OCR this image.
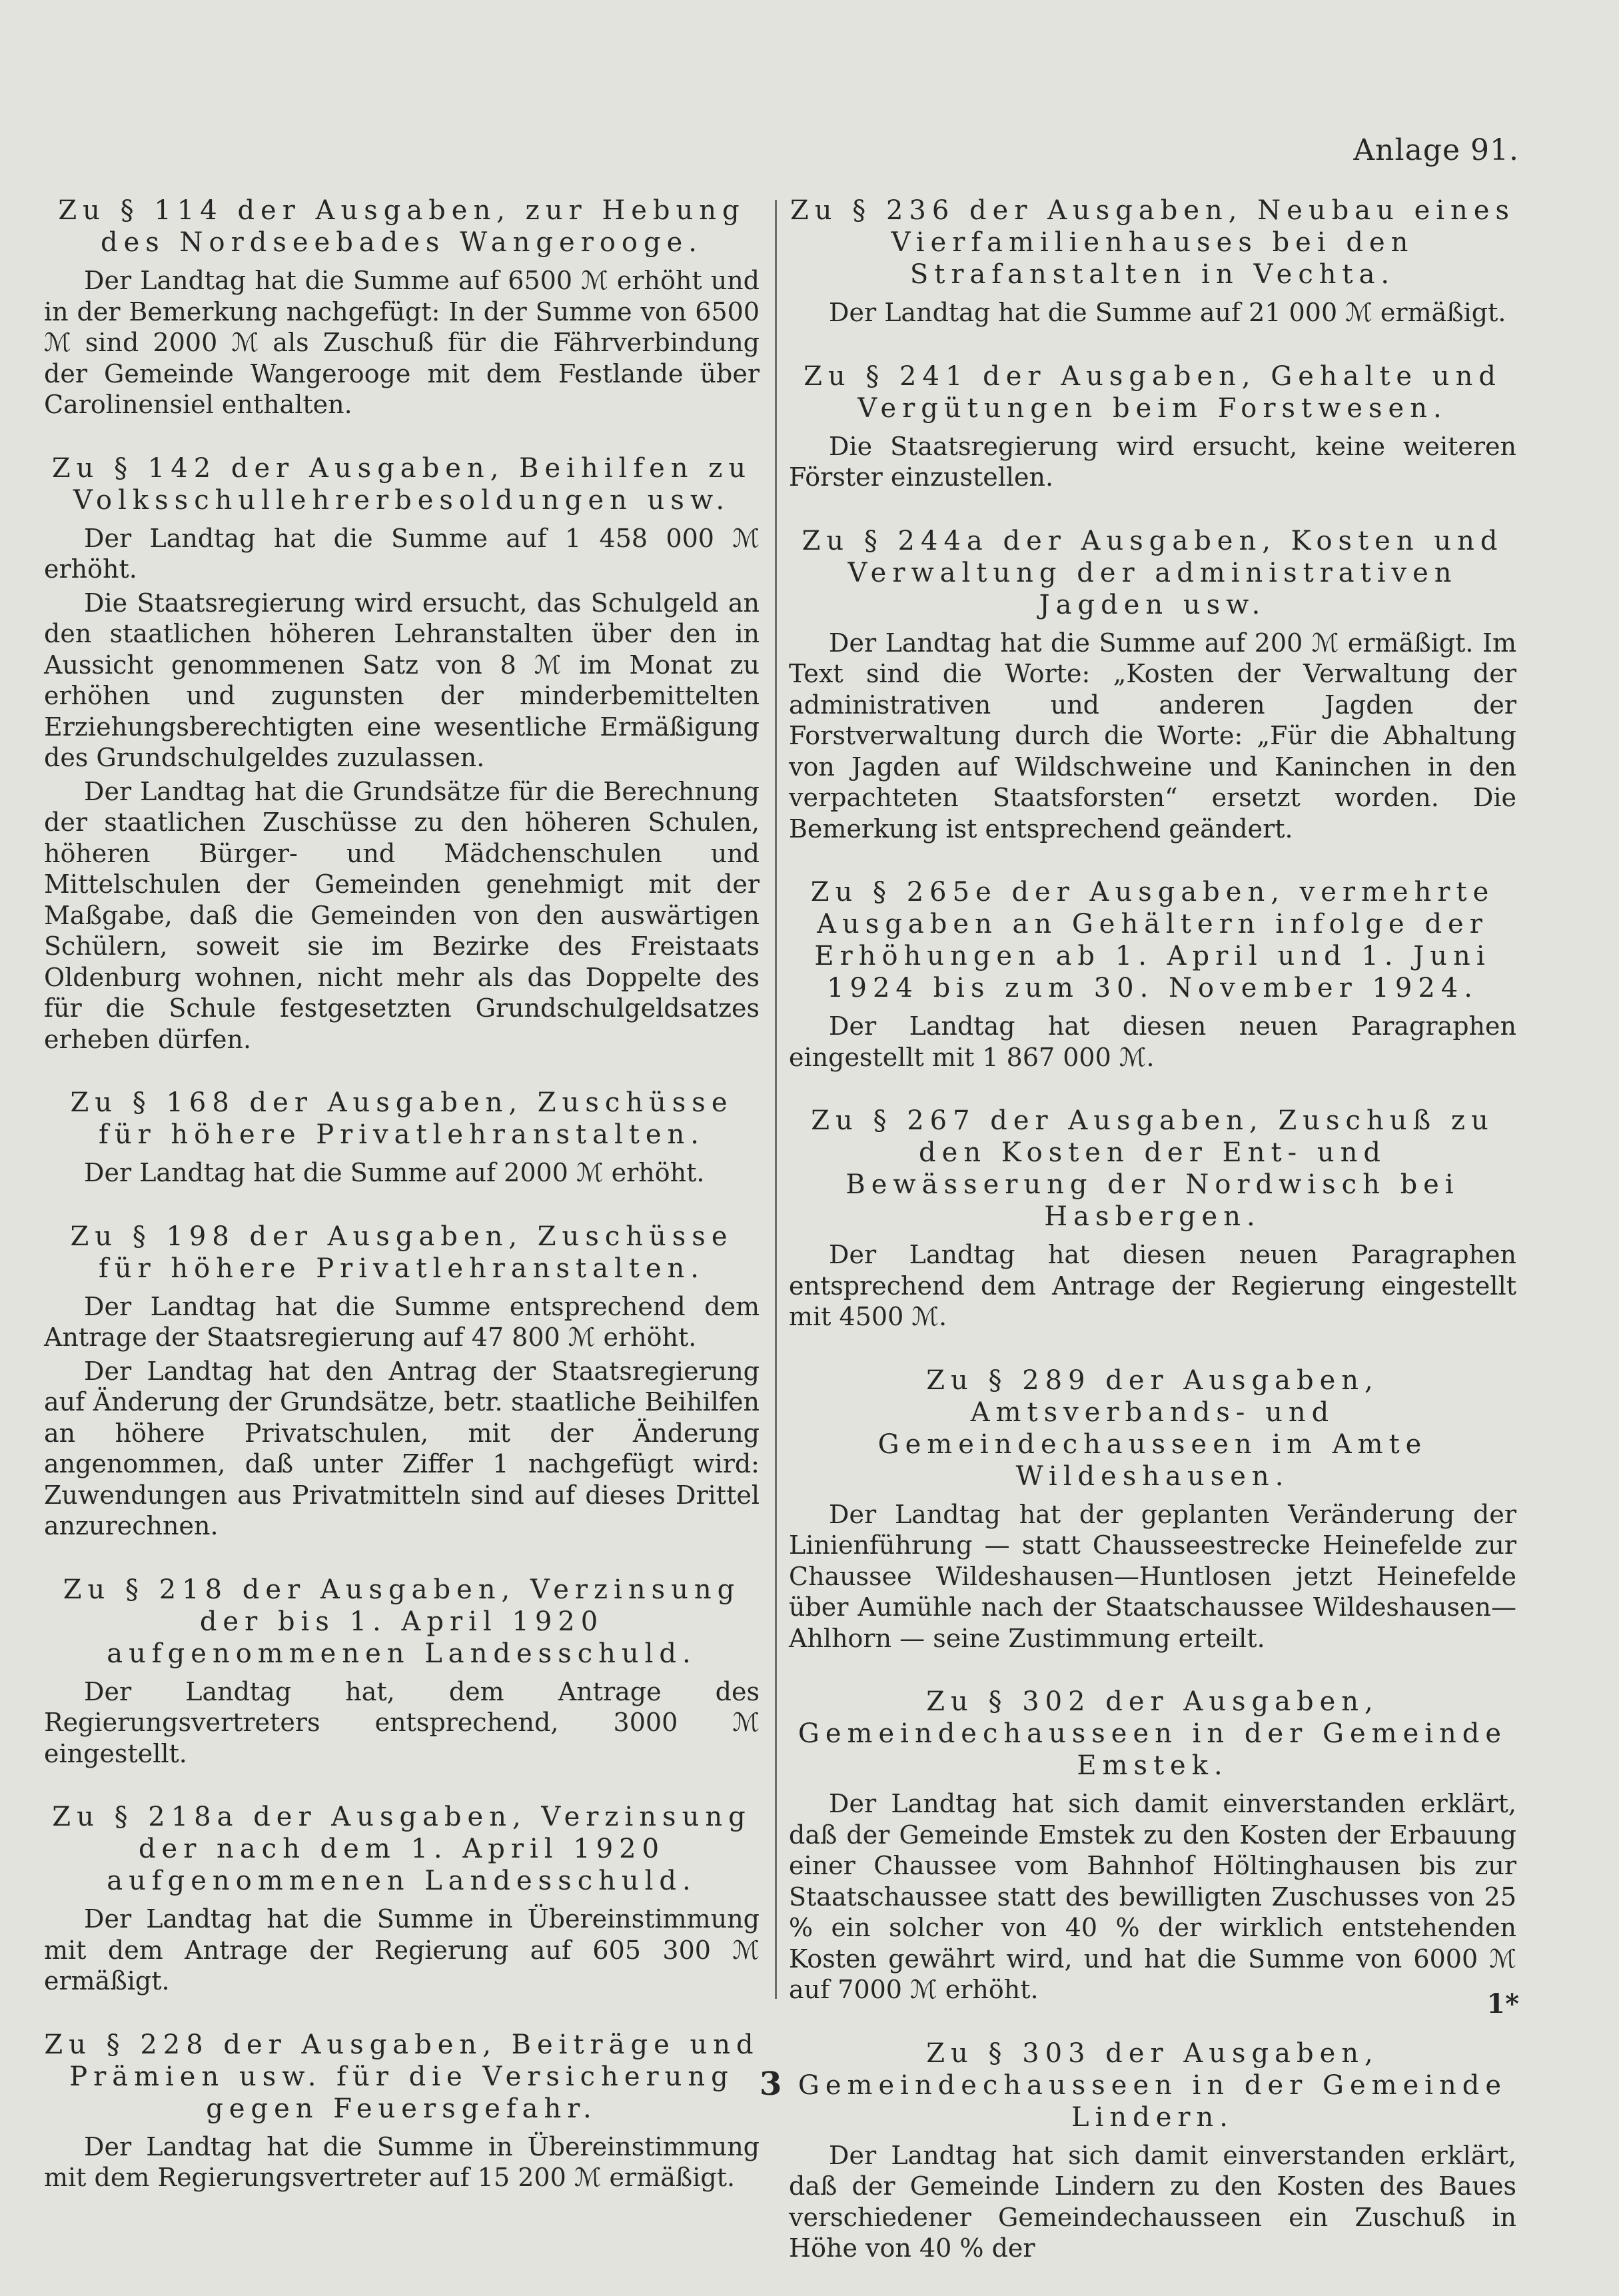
Anlage 91.
Zu § 114 der Ausgaben, zur Hebung des Nordseebades Wangerooge.

Der Landtag hat die Summe auf 6500 ℳ erhöht und in der Bemerkung nachgefügt: In der Summe von 6500 ℳ sind 2000 ℳ als Zuschuß für die Fährverbindung der Gemeinde Wangerooge mit dem Festlande über Carolinensiel enthalten.

Zu § 142 der Ausgaben, Beihilfen zu Volksschullehrerbesoldungen usw.

Der Landtag hat die Summe auf 1 458 000 ℳ erhöht.

Die Staatsregierung wird ersucht, das Schulgeld an den staatlichen höheren Lehranstalten über den in Aussicht genommenen Satz von 8 ℳ im Monat zu erhöhen und zugunsten der minderbemittelten Erziehungsberechtigten eine wesentliche Ermäßigung des Grundschulgeldes zuzulassen.

Der Landtag hat die Grundsätze für die Berechnung der staatlichen Zuschüsse zu den höheren Schulen, höheren Bürger- und Mädchenschulen und Mittelschulen der Gemeinden genehmigt mit der Maßgabe, daß die Gemeinden von den auswärtigen Schülern, soweit sie im Bezirke des Freistaats Oldenburg wohnen, nicht mehr als das Doppelte des für die Schule festgesetzten Grundschulgeldsatzes erheben dürfen.

Zu § 168 der Ausgaben, Zuschüsse für höhere Privatlehranstalten.

Der Landtag hat die Summe auf 2000 ℳ erhöht.

Zu § 198 der Ausgaben, Zuschüsse für höhere Privatlehranstalten.

Der Landtag hat die Summe entsprechend dem Antrage der Staatsregierung auf 47 800 ℳ erhöht.

Der Landtag hat den Antrag der Staatsregierung auf Änderung der Grundsätze, betr. staatliche Beihilfen an höhere Privatschulen, mit der Änderung angenommen, daß unter Ziffer 1 nachgefügt wird: Zuwendungen aus Privatmitteln sind auf dieses Drittel anzurechnen.

Zu § 218 der Ausgaben, Verzinsung der bis 1. April 1920 aufgenommenen Landesschuld.

Der Landtag hat, dem Antrage des Regierungsvertreters entsprechend, 3000 ℳ eingestellt.

Zu § 218a der Ausgaben, Verzinsung der nach dem 1. April 1920 aufgenommenen Landesschuld.

Der Landtag hat die Summe in Übereinstimmung mit dem Antrage der Regierung auf 605 300 ℳ ermäßigt.

Zu § 228 der Ausgaben, Beiträge und Prämien usw. für die Versicherung gegen Feuersgefahr.

Der Landtag hat die Summe in Übereinstimmung mit dem Regierungsvertreter auf 15 200 ℳ ermäßigt.

Zu § 236 der Ausgaben, Neubau eines Vierfamilienhauses bei den Strafanstalten in Vechta.

Der Landtag hat die Summe auf 21 000 ℳ ermäßigt.

Zu § 241 der Ausgaben, Gehalte und Vergütungen beim Forstwesen.

Die Staatsregierung wird ersucht, keine weiteren Förster einzustellen.

Zu § 244a der Ausgaben, Kosten und Verwaltung der administrativen Jagden usw.

Der Landtag hat die Summe auf 200 ℳ ermäßigt. Im Text sind die Worte: „Kosten der Verwaltung der administrativen und anderen Jagden der Forstverwaltung durch die Worte: „Für die Abhaltung von Jagden auf Wildschweine und Kaninchen in den verpachteten Staatsforsten“ ersetzt worden. Die Bemerkung ist entsprechend geändert.

Zu § 265e der Ausgaben, vermehrte Ausgaben an Gehältern infolge der Erhöhungen ab 1. April und 1. Juni 1924 bis zum 30. November 1924.

Der Landtag hat diesen neuen Paragraphen eingestellt mit 1 867 000 ℳ.

Zu § 267 der Ausgaben, Zuschuß zu den Kosten der Ent- und Bewässerung der Nordwisch bei Hasbergen.

Der Landtag hat diesen neuen Paragraphen entsprechend dem Antrage der Regierung eingestellt mit 4500 ℳ.

Zu § 289 der Ausgaben, Amtsverbands- und Gemeindechausseen im Amte Wildeshausen.

Der Landtag hat der geplanten Veränderung der Linienführung — statt Chausseestrecke Heinefelde zur Chaussee Wildeshausen—Huntlosen jetzt Heinefelde über Aumühle nach der Staatschaussee Wildeshausen—Ahlhorn — seine Zustimmung erteilt.

Zu § 302 der Ausgaben, Gemeindechausseen in der Gemeinde Emstek.

Der Landtag hat sich damit einverstanden erklärt, daß der Gemeinde Emstek zu den Kosten der Erbauung einer Chaussee vom Bahnhof Höltinghausen bis zur Staatschaussee statt des bewilligten Zuschusses von 25 % ein solcher von 40 % der wirklich entstehenden Kosten gewährt wird, und hat die Summe von 6000 ℳ auf 7000 ℳ erhöht.

Zu § 303 der Ausgaben, Gemeindechausseen in der Gemeinde Lindern.

Der Landtag hat sich damit einverstanden erklärt, daß der Gemeinde Lindern zu den Kosten des Baues verschiedener Gemeindechausseen ein Zuschuß in Höhe von 40 % der

1*
3
